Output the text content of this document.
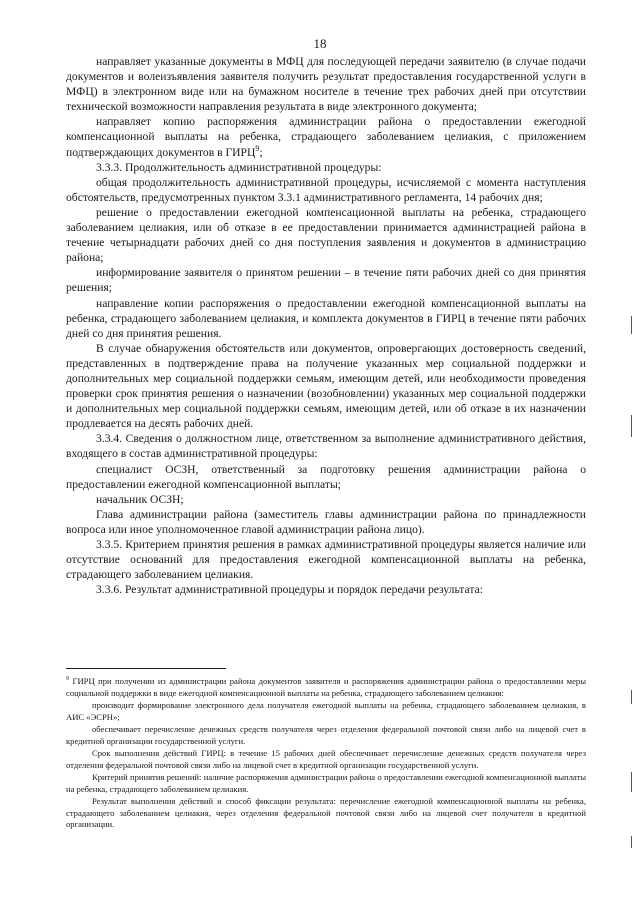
18

направляет указанные документы в МФЦ для последующей передачи заявителю (в случае подачи документов и волеизъявления заявителя получить результат предоставления государственной услуги в МФЦ) в электронном виде или на бумажном носителе в течение трех рабочих дней при отсутствии технической возможности направления результата в виде электронного документа;

направляет копию распоряжения администрации района о предоставлении ежегодной компенсационной выплаты на ребенка, страдающего заболеванием целиакия, с приложением подтверждающих документов в ГИРЦ$^9$;

3.3.3. Продолжительность административной процедуры:

общая продолжительность административной процедуры, исчисляемой с момента наступления обстоятельств, предусмотренных пунктом 3.3.1 административного регламента, 14 рабочих дня;

решение о предоставлении ежегодной компенсационной выплаты на ребенка, страдающего заболеванием целиакия, или об отказе в ее предоставлении принимается администрацией района в течение четырнадцати рабочих дней со дня поступления заявления и документов в администрацию района;

информирование заявителя о принятом решении – в течение пяти рабочих дней со дня принятия решения;

направление копии распоряжения о предоставлении ежегодной компенсационной выплаты на ребенка, страдающего заболеванием целиакия, и комплекта документов в ГИРЦ в течение пяти рабочих дней со дня принятия решения.

В случае обнаружения обстоятельств или документов, опровергающих достоверность сведений, представленных в подтверждение права на получение указанных мер социальной поддержки и дополнительных мер социальной поддержки семьям, имеющим детей, или необходимости проведения проверки срок принятия решения о назначении (возобновлении) указанных мер социальной поддержки и дополнительных мер социальной поддержки семьям, имеющим детей, или об отказе в их назначении продлевается на десять рабочих дней.

3.3.4. Сведения о должностном лице, ответственном за выполнение административного действия, входящего в состав административной процедуры:

специалист ОСЗН, ответственный за подготовку решения администрации района о предоставлении ежегодной компенсационной выплаты;

начальник ОСЗН;

Глава администрации района (заместитель главы администрации района по принадлежности вопроса или иное уполномоченное главой администрации района лицо).

3.3.5. Критерием принятия решения в рамках административной процедуры является наличие или отсутствие оснований для предоставления ежегодной компенсационной выплаты на ребенка, страдающего заболеванием целиакия.

3.3.6. Результат административной процедуры и порядок передачи результата:

$^9$ ГИРЦ при получении из администрации района документов заявителя и распоряжения администрации района о предоставлении меры социальной поддержки в виде ежегодной компенсационной выплаты на ребенка, страдающего заболеванием целиакия:

производит формирование электронного дела получателя ежегодной выплаты на ребенка, страдающего заболеванием целиакия, в АИС «ЭСРН»;

обеспечивает перечисление денежных средств получателя через отделения федеральной почтовой связи либо на лицевой счет в кредитной организации государственной услуги.

Срок выполнения действий ГИРЦ: в течение 15 рабочих дней обеспечивает перечисление денежных средств получателя через отделения федеральной почтовой связи либо на лицевой счет в кредитной организации государственной услуги.

Критерий принятия решений: наличие распоряжения администрации района о предоставлении ежегодной компенсационной выплаты на ребенка, страдающего заболеванием целиакия.

Результат выполнения действий и способ фиксации результата: перечисление ежегодной компенсационной выплаты на ребенка, страдающего заболеванием целиакия, через отделения федеральной почтовой связи либо на лицевой счет получателя в кредитной организации.
